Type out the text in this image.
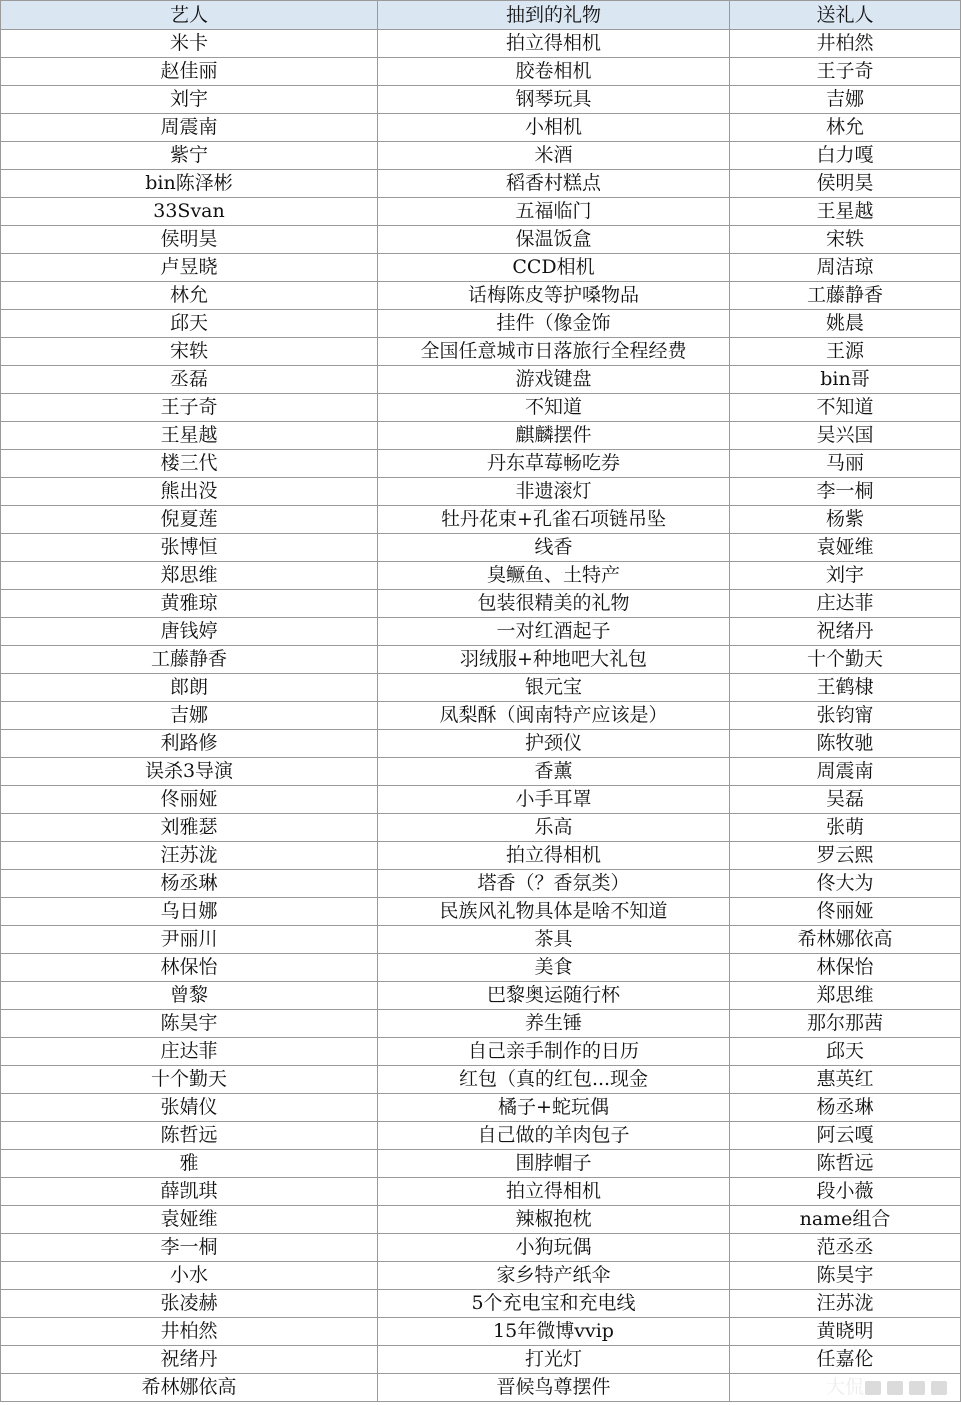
艺人	抽到的礼物	送礼人
米卡	拍立得相机	井柏然
赵佳丽	胶卷相机	王子奇
刘宇	钢琴玩具	吉娜
周震南	小相机	林允
紫宁	米酒	白力嘎
bin陈泽彬	稻香村糕点	侯明昊
33Svan	五福临门	王星越
侯明昊	保温饭盒	宋轶
卢昱晓	CCD相机	周洁琼
林允	话梅陈皮等护嗓物品	工藤静香
邱天	挂件（像金饰	姚晨
宋轶	全国任意城市日落旅行全程经费	王源
丞磊	游戏键盘	bin哥
王子奇	不知道	不知道
王星越	麒麟摆件	吴兴国
楼三代	丹东草莓畅吃券	马丽
熊出没	非遗滚灯	李一桐
倪夏莲	牡丹花束+孔雀石项链吊坠	杨紫
张博恒	线香	袁娅维
郑思维	臭鳜鱼、土特产	刘宇
黄雅琼	包装很精美的礼物	庄达菲
唐钱婷	一对红酒起子	祝绪丹
工藤静香	羽绒服+种地吧大礼包	十个勤天
郎朗	银元宝	王鹤棣
吉娜	凤梨酥（闽南特产应该是）	张钧甯
利路修	护颈仪	陈牧驰
误杀3导演	香薰	周震南
佟丽娅	小手耳罩	吴磊
刘雅瑟	乐高	张萌
汪苏泷	拍立得相机	罗云熙
杨丞琳	塔香（？香氛类）	佟大为
乌日娜	民族风礼物具体是啥不知道	佟丽娅
尹丽川	茶具	希林娜依高
林保怡	美食	林保怡
曾黎	巴黎奥运随行杯	郑思维
陈昊宇	养生锤	那尔那茜
庄达菲	自己亲手制作的日历	邱天
十个勤天	红包（真的红包...现金	惠英红
张婧仪	橘子+蛇玩偶	杨丞琳
陈哲远	自己做的羊肉包子	阿云嘎
雅	围脖帽子	陈哲远
薛凯琪	拍立得相机	段小薇
袁娅维	辣椒抱枕	name组合
李一桐	小狗玩偶	范丞丞
小水	家乡特产纸伞	陈昊宇
张凌赫	5个充电宝和充电线	汪苏泷
井柏然	15年微博vvip	黄晓明
祝绪丹	打光灯	任嘉伦
希林娜依高	晋候鸟尊摆件	
